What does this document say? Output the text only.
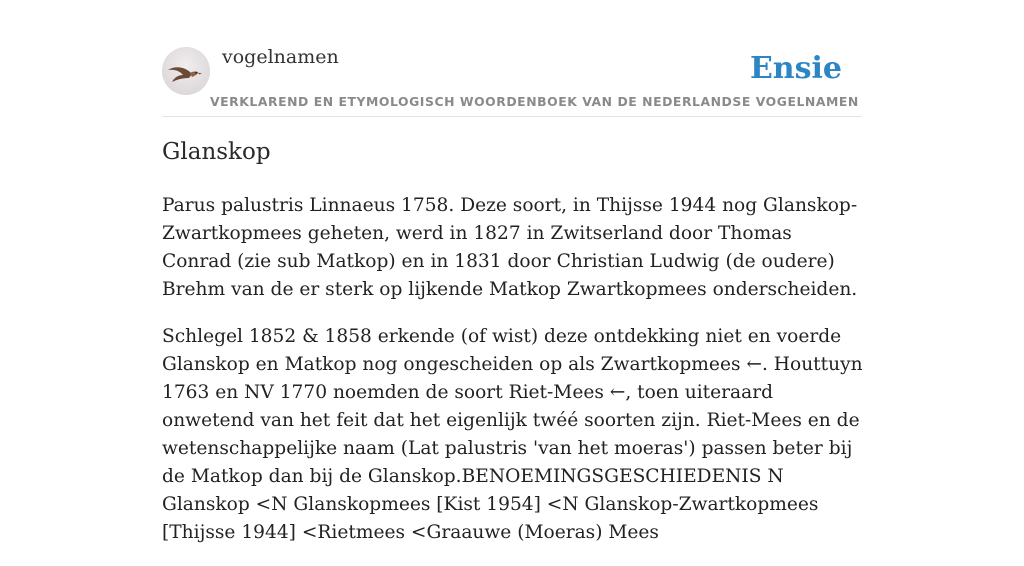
vogelnamen	Ensie
VERKLAREND EN ETYMOLOGISCH WOORDENBOEK VAN DE NEDERLANDSE VOGELNAMEN
Glanskop

Parus palustris Linnaeus 1758. Deze soort, in Thijsse 1944 nog Glanskop-Zwartkopmees geheten, werd in 1827 in Zwitserland door Thomas Conrad (zie sub Matkop) en in 1831 door Christian Ludwig (de oudere) Brehm van de er sterk op lijkende Matkop Zwartkopmees onderscheiden.

Schlegel 1852 & 1858 erkende (of wist) deze ontdekking niet en voerde Glanskop en Matkop nog ongescheiden op als Zwartkopmees ←. Houttuyn 1763 en NV 1770 noemden de soort Riet-Mees ←, toen uiteraard onwetend van het feit dat het eigenlijk twéé soorten zijn. Riet-Mees en de wetenschappelijke naam (Lat palustris 'van het moeras') passen beter bij de Matkop dan bij de Glanskop.BENOEMINGSGESCHIEDENIS N Glanskop <N Glanskopmees [Kist 1954] <N Glanskop-Zwartkopmees [Thijsse 1944] <Rietmees <Graauwe (Moeras) Mees
